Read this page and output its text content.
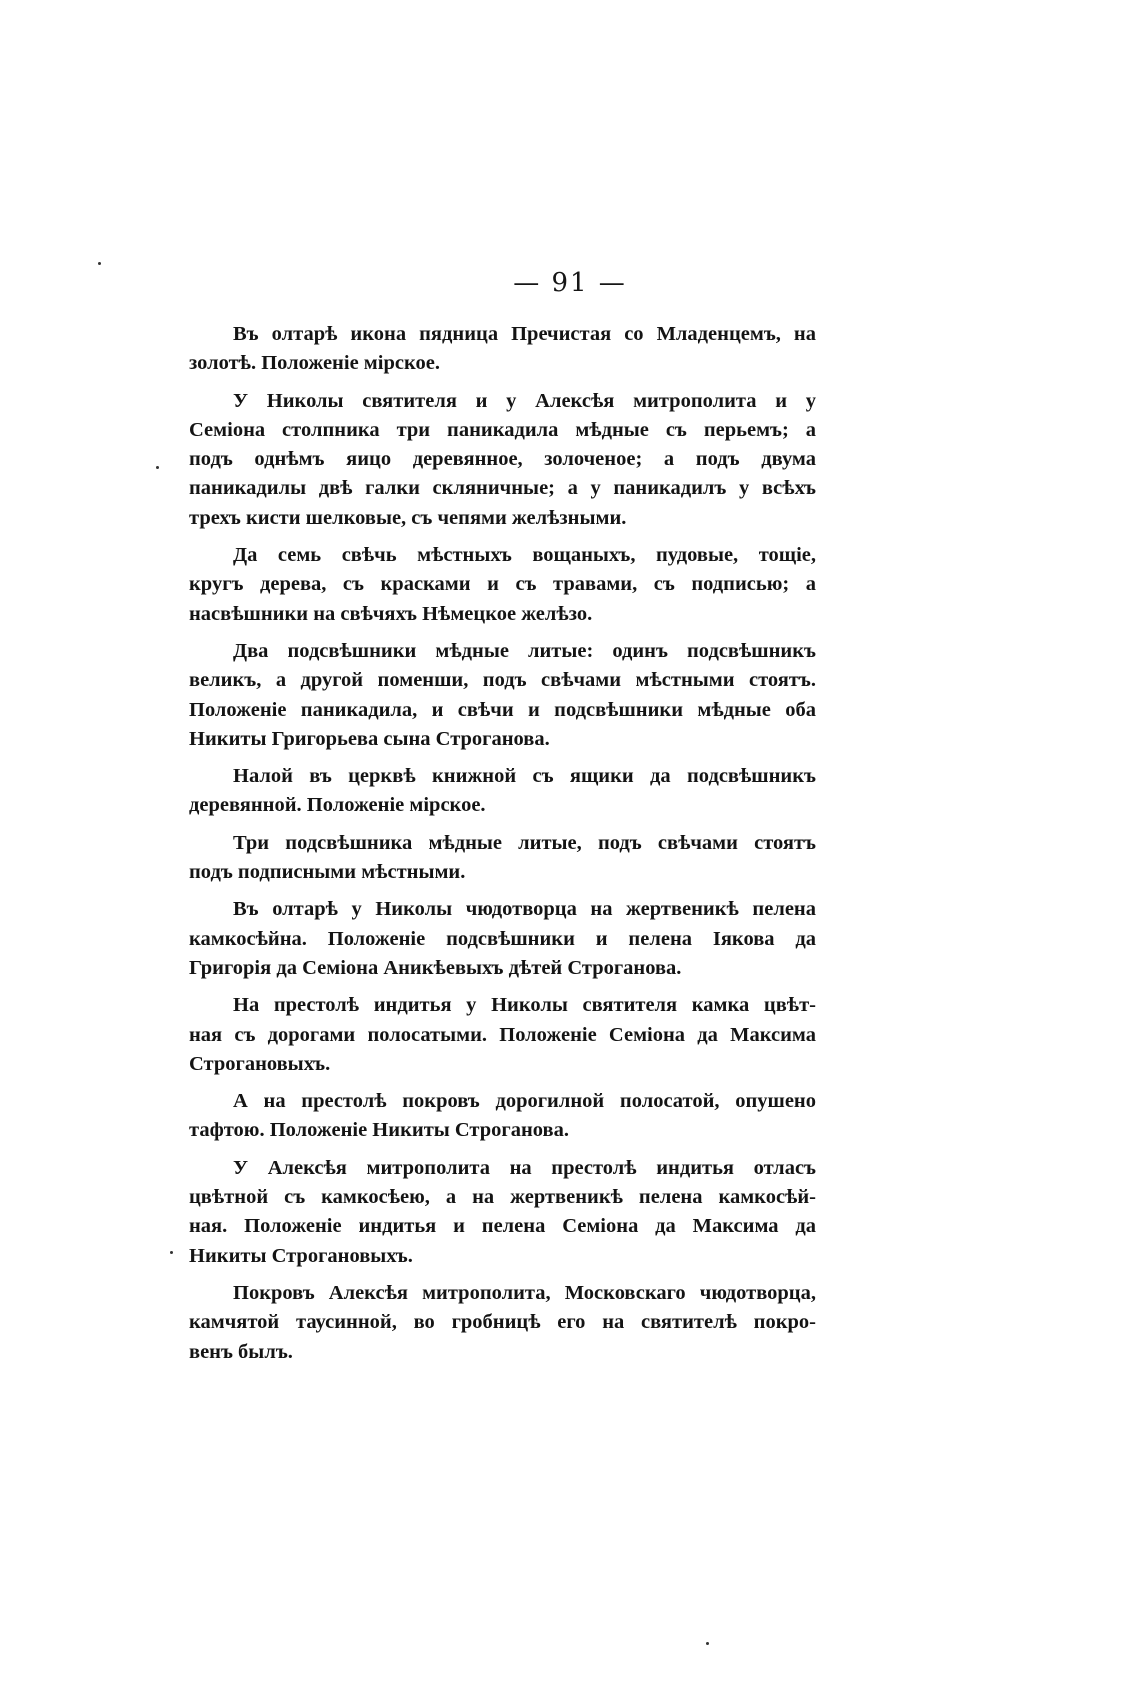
— 91 —

Въ олтарѣ икона пядница Пречистая со Младенцемъ, на
золотѣ. Положеніе мірское.

У Николы святителя и у Алексѣя митрополита и у
Семіона столпника три паникадила мѣдные съ перьемъ; а
подъ однѣмъ яицо деревянное, золоченое; а подъ двума
паникадилы двѣ галки скляничные; а у паникадилъ у всѣхъ
трехъ кисти шелковые, съ чепями желѣзными.

Да семь свѣчь мѣстныхъ вощаныхъ, пудовые, тощіе,
кругъ дерева, съ красками и съ травами, съ подписью; а
насвѣшники на свѣчяхъ Нѣмецкое желѣзо.

Два подсвѣшники мѣдные литые: одинъ подсвѣшникъ
великъ, а другой поменши, подъ свѣчами мѣстными стоятъ.
Положеніе паникадила, и свѣчи и подсвѣшники мѣдные оба
Никиты Григорьева сына Строганова.

Налой въ церквѣ книжной съ ящики да подсвѣшникъ
деревянной. Положеніе мірское.

Три подсвѣшника мѣдные литые, подъ свѣчами стоятъ
подъ подписными мѣстными.

Въ олтарѣ у Николы чюдотворца на жертвеникѣ пелена
камкосѣйна. Положеніе подсвѣшники и пелена Іякова да
Григорія да Семіона Аникѣевыхъ дѣтей Строганова.

На престолѣ индитья у Николы святителя камка цвѣт-
ная съ дорогами полосатыми. Положеніе Семіона да Максима
Строгановыхъ.

А на престолѣ покровъ дорогилной полосатой, опушено
тафтою. Положеніе Никиты Строганова.

У Алексѣя митрополита на престолѣ индитья отласъ
цвѣтной съ камкосѣею, а на жертвеникѣ пелена камкосѣй-
ная. Положеніе индитья и пелена Семіона да Максима да
Никиты Строгановыхъ.

Покровъ Алексѣя митрополита, Московскаго чюдотворца,
камчятой таусинной, во гробницѣ его на святителѣ покро-
венъ былъ.
